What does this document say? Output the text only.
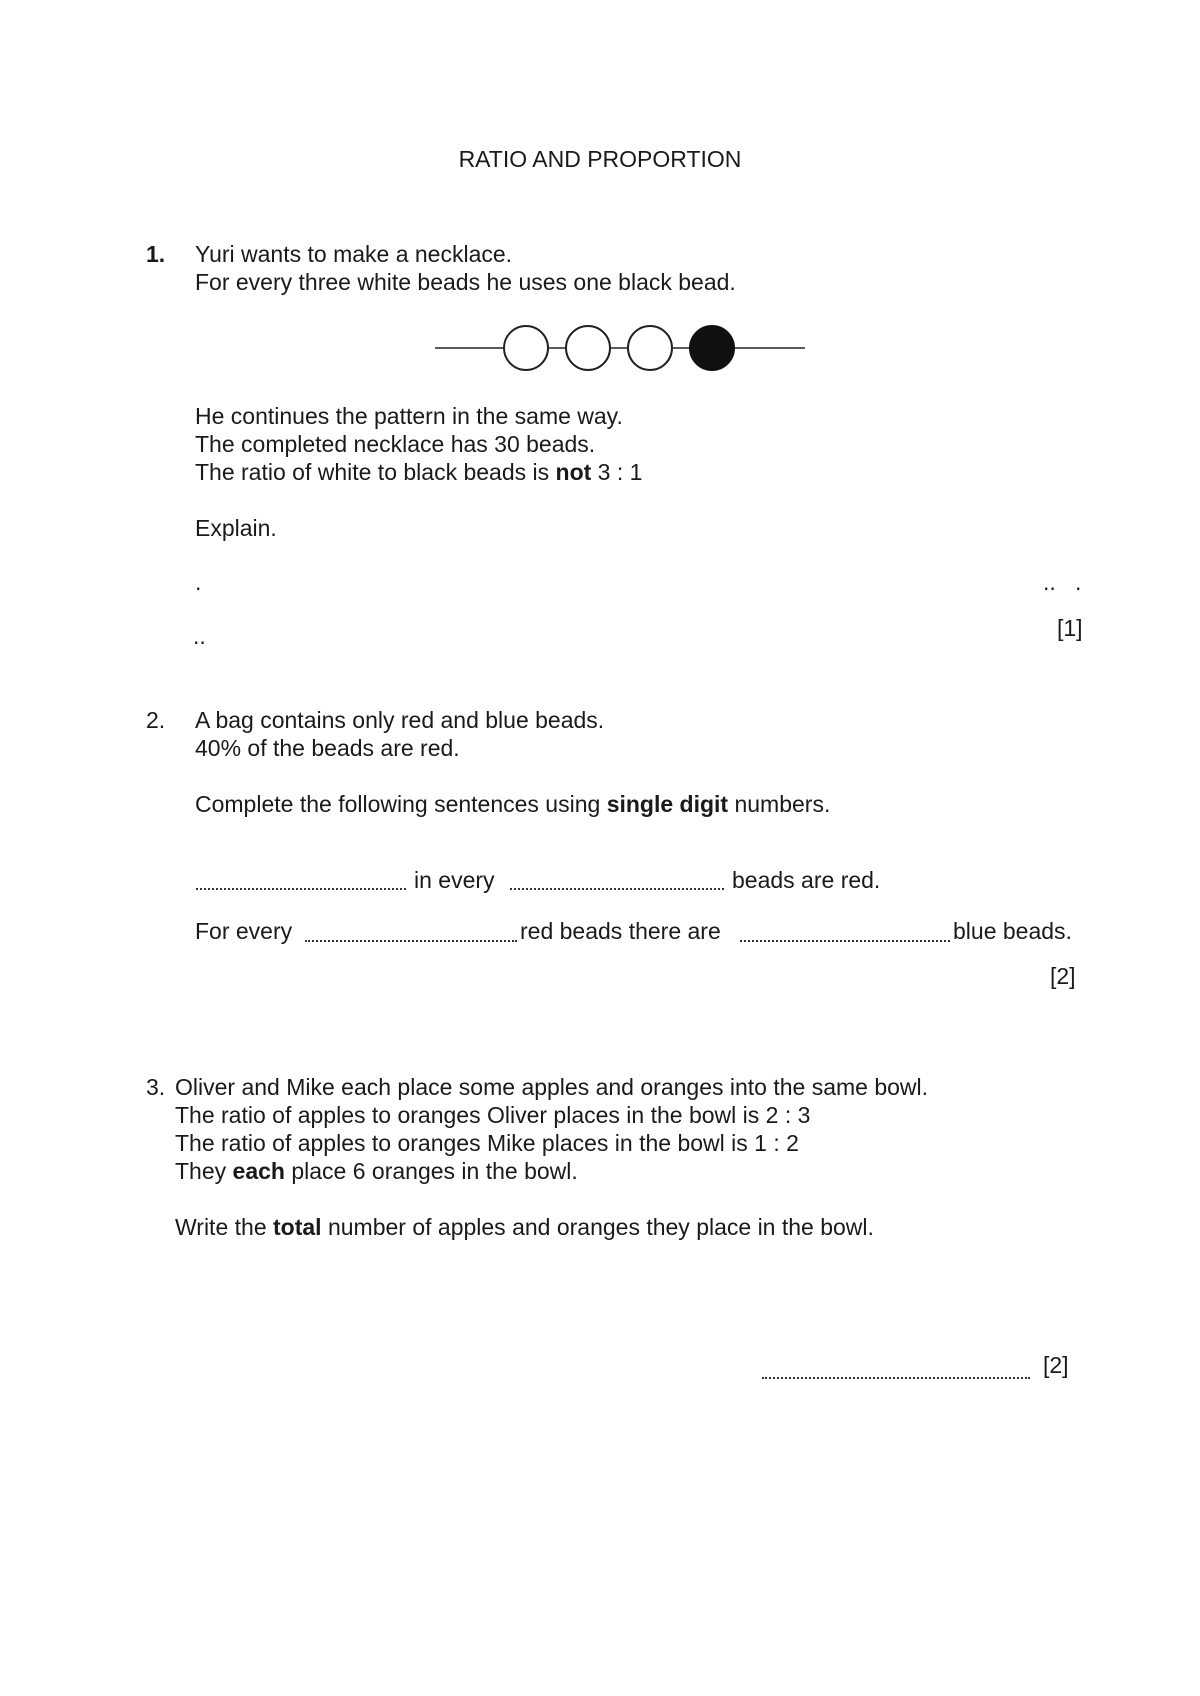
RATIO AND PROPORTION
1. Yuri wants to make a necklace.
For every three white beads he uses one black bead.
He continues the pattern in the same way.
The completed necklace has 30 beads.
The ratio of white to black beads is not 3 : 1
Explain.
.	..   .
..	[1]
2. A bag contains only red and blue beads.
40% of the beads are red.
Complete the following sentences using single digit numbers.
in every	beads are red.
For every	red beads there are	blue beads.
[2]
3. Oliver and Mike each place some apples and oranges into the same bowl.
The ratio of apples to oranges Oliver places in the bowl is 2 : 3
The ratio of apples to oranges Mike places in the bowl is 1 : 2
They each place 6 oranges in the bowl.
Write the total number of apples and oranges they place in the bowl.
[2]
